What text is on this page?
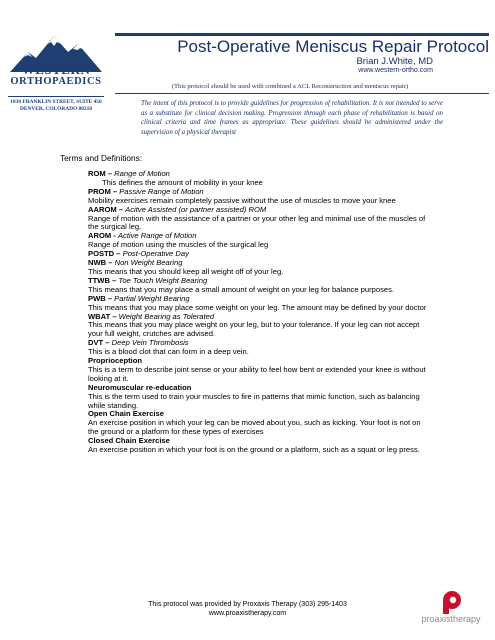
WESTERN
ORTHOPAEDICS
1830 FRANKLIN STREET, SUITE 450
DENVER, COLORADO 80218
Post-Operative Meniscus Repair Protocol
Brian J.White, MD
www.western-ortho.com
(This protocol should be used with combined a ACL Reconstruction and meniscus repair)
The intent of this protocol is to provide guidelines for progression of rehabilitation. It is not intended to serve as a substitute for clinical decision making. Progression through each phase of rehabilitation is based on clinical criteria and time frames as appropriate. These guidelines should be administered under the supervision of a physical therapist
Terms and Definitions:
ROM – Range of Motion
This defines the amount of mobility in your knee
PROM – Passive Range of Motion
Mobility exercises remain completely passive without the use of muscles to move your knee
AAROM – Acitve Assisted (or partner assisted) ROM
Range of motion with the assistance of a partner or your other leg and minimal use of the muscles of the surgical leg.
AROM - Active Range of Motion
Range of motion using the muscles of the surgical leg
POSTD – Post-Operative Day
NWB – Non Weight Bearing
This means that you should keep all weight off of your leg.
TTWB – Toe Touch Weight Bearing
This means that you may place a small amount of weight on your leg for balance purposes.
PWB – Partial Weight Bearing
This means that you may place some weight on your leg. The amount may be defined by your doctor
WBAT – Weight Bearing as Tolerated
This means that you may place weight on your leg, but to your tolerance. If your leg can not accept your full weight, crutches are advised.
DVT – Deep Vein Thrombosis
This is a blood clot that can form in a deep vein.
Proprioception
This is a term to describe joint sense or your ability to feel how bent or extended your knee is without looking at it.
Neuromuscular re-education
This is the term used to train your muscles to fire in patterns that mimic function, such as balancing while standing.
Open Chain Exercise
An exercise position in which your leg can be moved about you, such as kicking. Your foot is not on the ground or a platform for these types of exercises
Closed Chain Exercise
An exercise position in which your foot is on the ground or a platform, such as a squat or leg press.
This protocol was provided by Proxaxis Therapy (303) 295-1403
www.proaxistherapy.com
proaxistherapy
